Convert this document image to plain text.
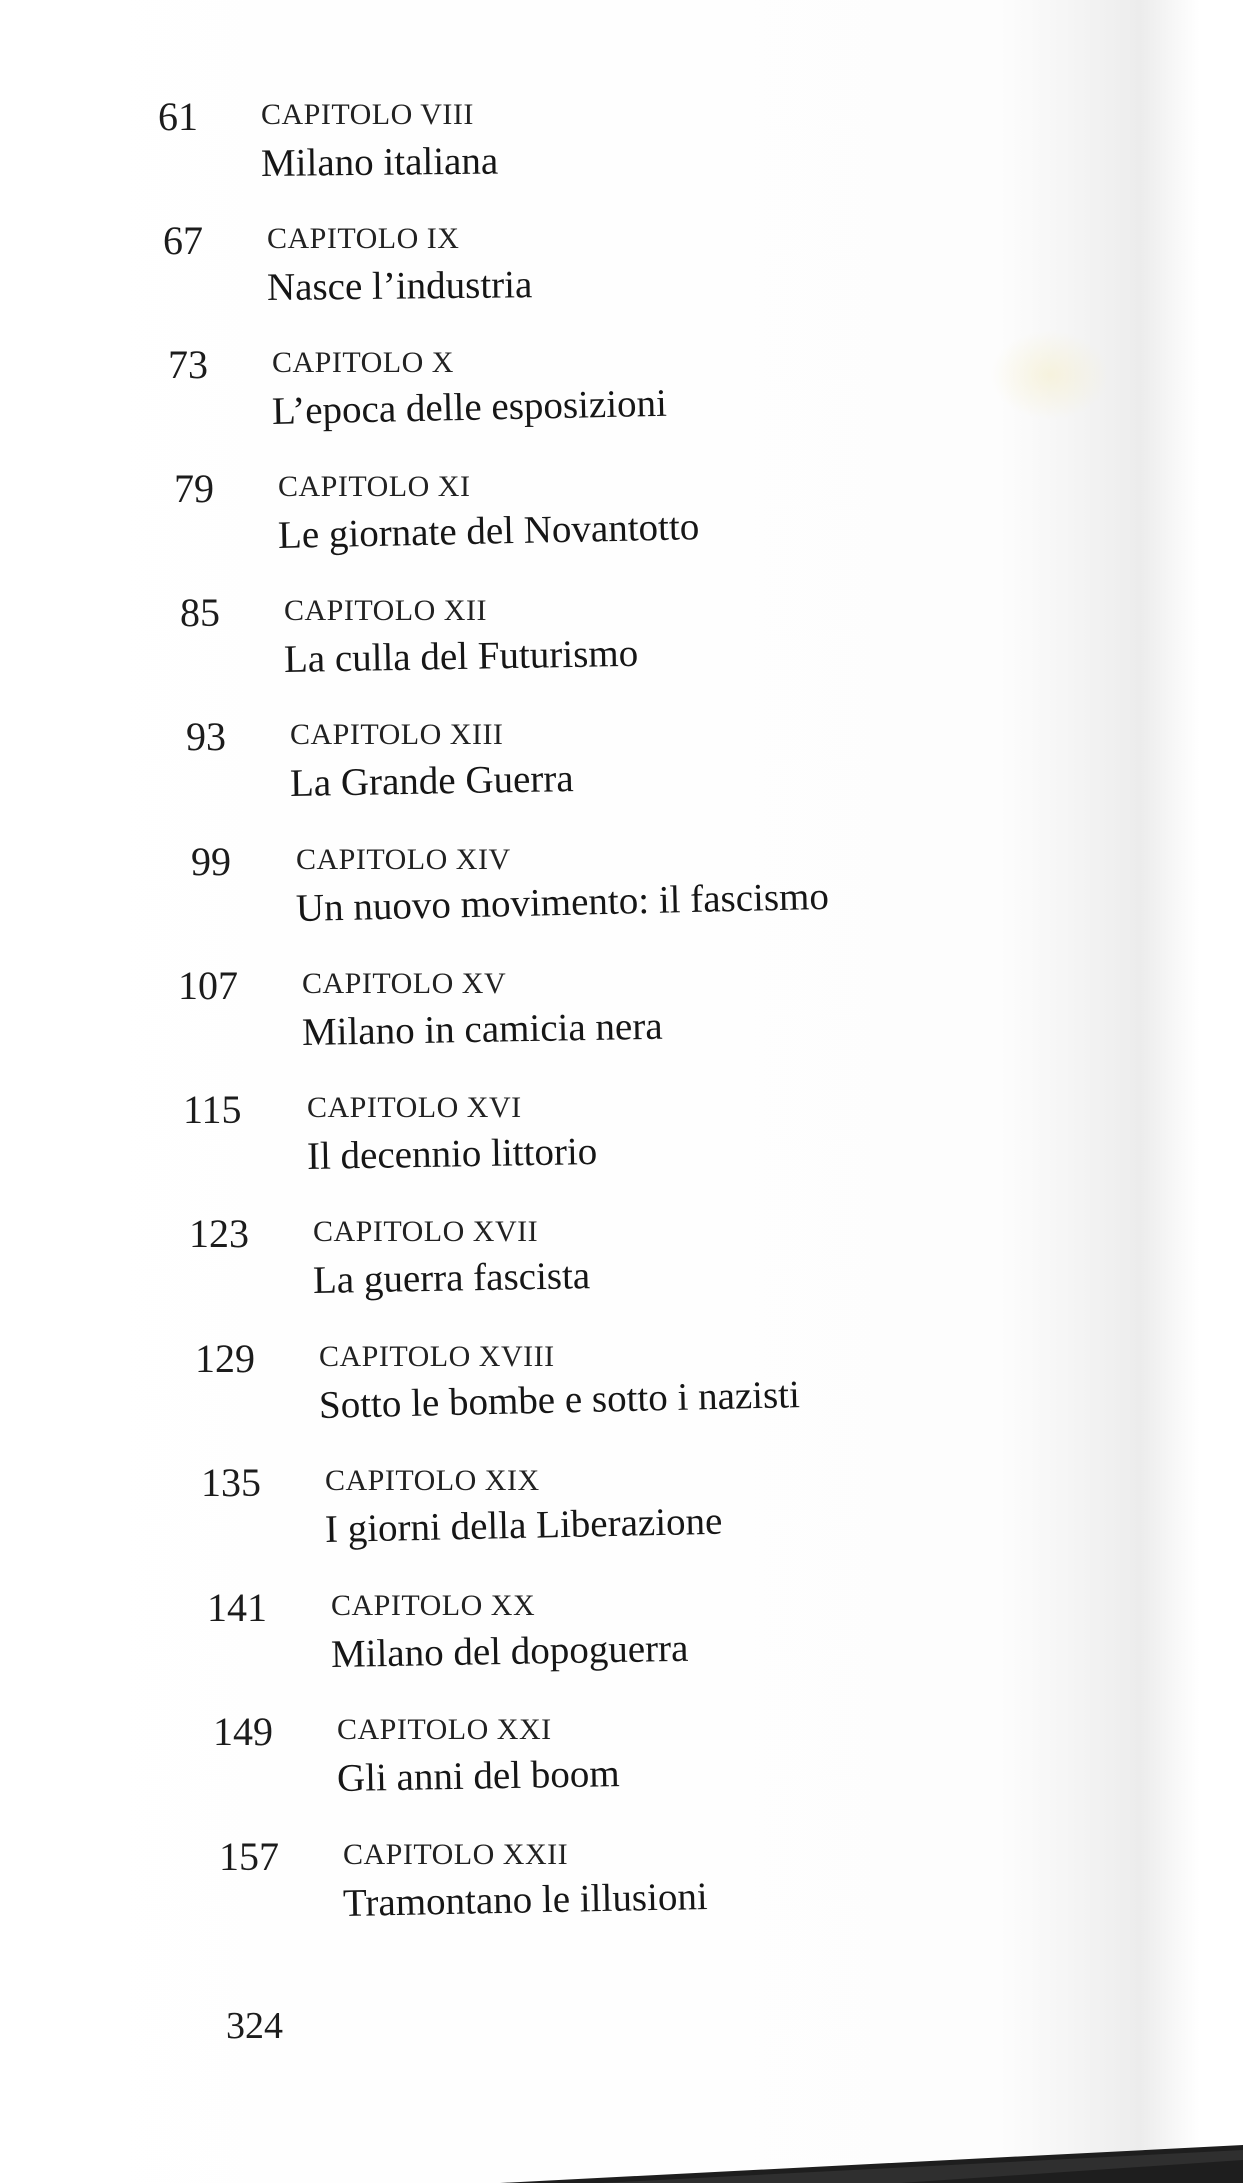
61 CAPITOLO VIII
Milano italiana
67 CAPITOLO IX
Nasce l’industria
73 CAPITOLO X
L’epoca delle esposizioni
79 CAPITOLO XI
Le giornate del Novantotto
85 CAPITOLO XII
La culla del Futurismo
93 CAPITOLO XIII
La Grande Guerra
99 CAPITOLO XIV
Un nuovo movimento: il fascismo
107 CAPITOLO XV
Milano in camicia nera
115 CAPITOLO XVI
Il decennio littorio
123 CAPITOLO XVII
La guerra fascista
129 CAPITOLO XVIII
Sotto le bombe e sotto i nazisti
135 CAPITOLO XIX
I giorni della Liberazione
141 CAPITOLO XX
Milano del dopoguerra
149 CAPITOLO XXI
Gli anni del boom
157 CAPITOLO XXII
Tramontano le illusioni
324
